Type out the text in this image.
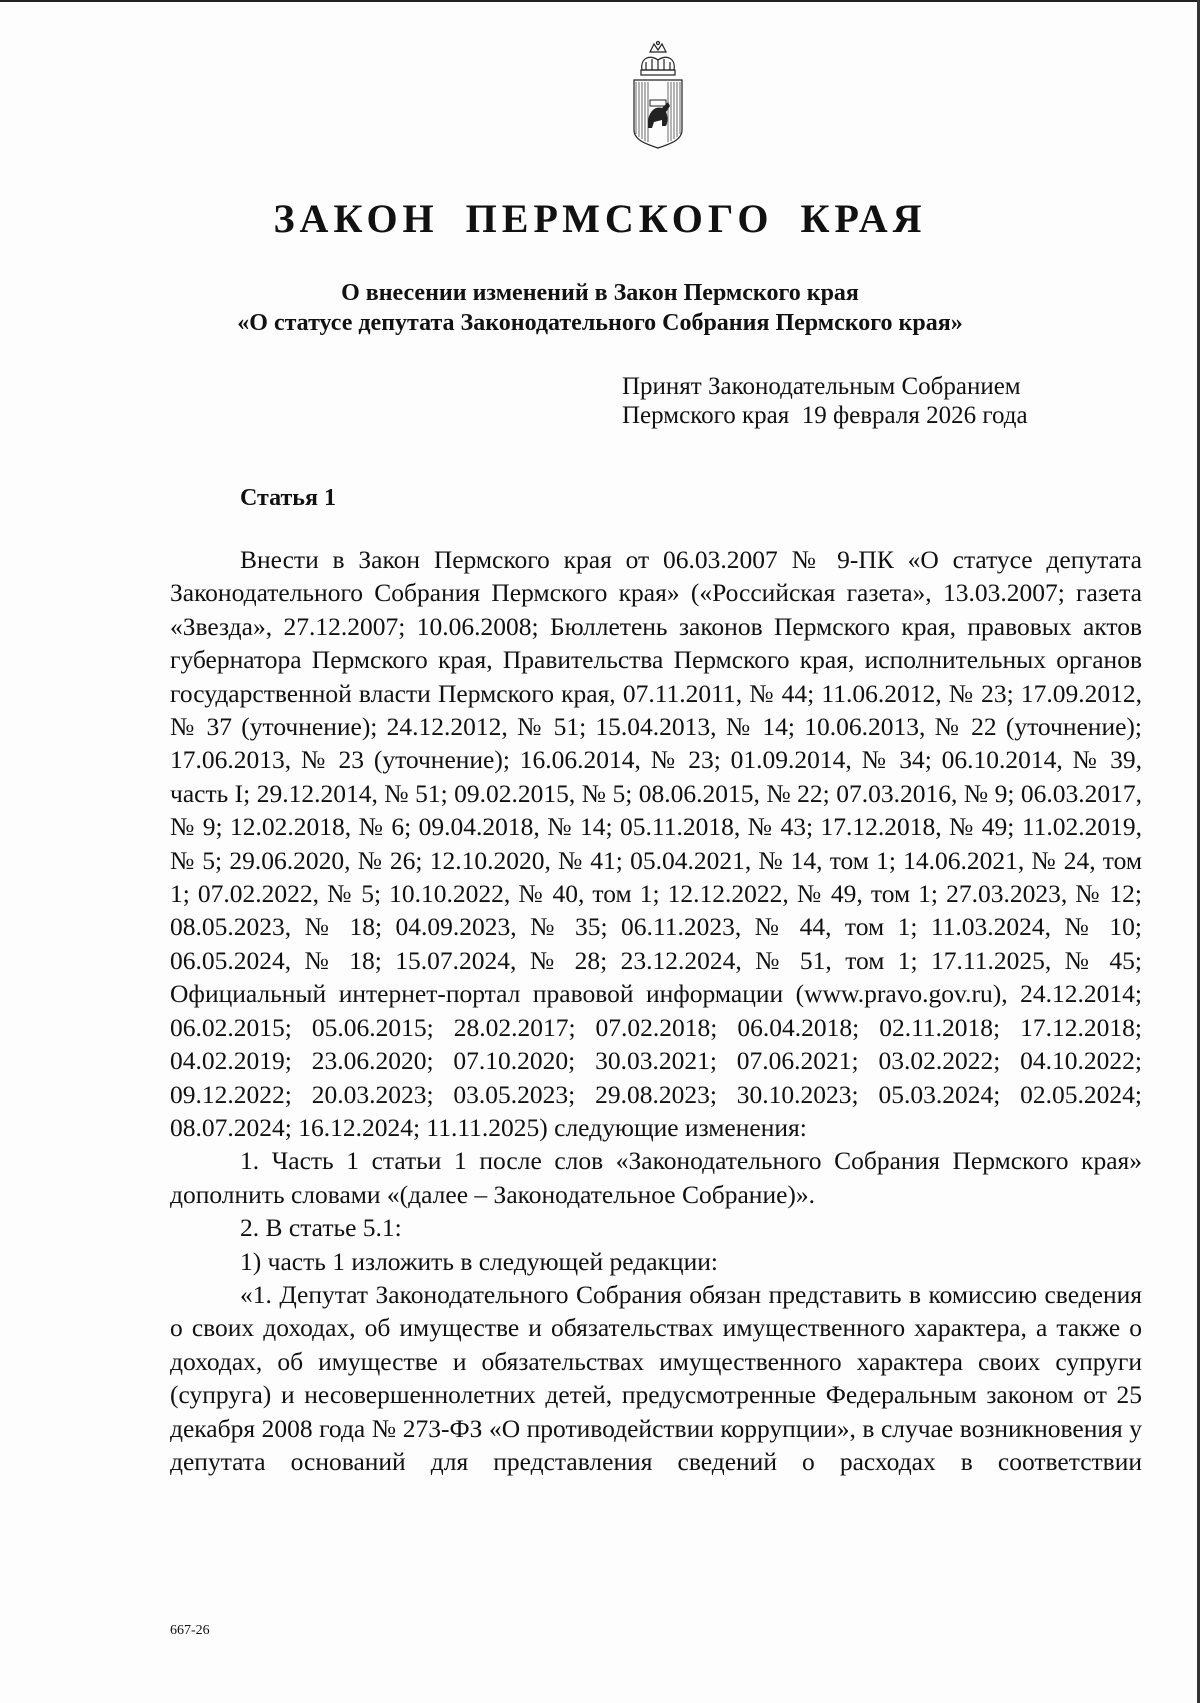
ЗАКОН ПЕРМСКОГО КРАЯ
О внесении изменений в Закон Пермского края
«О статусе депутата Законодательного Собрания Пермского края»
Принят Законодательным Собранием
Пермского края  19 февраля 2026 года
Статья 1

Внести в Закон Пермского края от 06.03.2007 № 9-ПК «О статусе депутата Законодательного Собрания Пермского края» («Российская газета», 13.03.2007; газета «Звезда», 27.12.2007; 10.06.2008; Бюллетень законов Пермского края, правовых актов губернатора Пермского края, Правительства Пермского края, исполнительных органов государственной власти Пермского края, 07.11.2011, № 44; 11.06.2012, № 23; 17.09.2012, № 37 (уточнение); 24.12.2012, № 51; 15.04.2013, № 14; 10.06.2013, № 22 (уточнение); 17.06.2013, № 23 (уточнение); 16.06.2014, № 23; 01.09.2014, № 34; 06.10.2014, № 39, часть I; 29.12.2014, № 51; 09.02.2015, № 5; 08.06.2015, № 22; 07.03.2016, № 9; 06.03.2017, № 9; 12.02.2018, № 6; 09.04.2018, № 14; 05.11.2018, № 43; 17.12.2018, № 49; 11.02.2019, № 5; 29.06.2020, № 26; 12.10.2020, № 41; 05.04.2021, № 14, том 1; 14.06.2021, № 24, том 1; 07.02.2022, № 5; 10.10.2022, № 40, том 1; 12.12.2022, № 49, том 1; 27.03.2023, № 12; 08.05.2023, № 18; 04.09.2023, № 35; 06.11.2023, № 44, том 1; 11.03.2024, № 10; 06.05.2024, № 18; 15.07.2024, № 28; 23.12.2024, № 51, том 1; 17.11.2025, № 45; Официальный интернет-портал правовой информации (www.pravo.gov.ru), 24.12.2014; 06.02.2015; 05.06.2015; 28.02.2017; 07.02.2018; 06.04.2018; 02.11.2018; 17.12.2018; 04.02.2019; 23.06.2020; 07.10.2020; 30.03.2021; 07.06.2021; 03.02.2022; 04.10.2022; 09.12.2022; 20.03.2023; 03.05.2023; 29.08.2023; 30.10.2023; 05.03.2024; 02.05.2024; 08.07.2024; 16.12.2024; 11.11.2025) следующие изменения:

1. Часть 1 статьи 1 после слов «Законодательного Собрания Пермского края» дополнить словами «(далее – Законодательное Собрание)».

2. В статье 5.1:

1) часть 1 изложить в следующей редакции:

«1. Депутат Законодательного Собрания обязан представить в комиссию сведения о своих доходах, об имуществе и обязательствах имущественного характера, а также о доходах, об имуществе и обязательствах имущественного характера своих супруги (супруга) и несовершеннолетних детей, предусмотренные Федеральным законом от 25 декабря 2008 года № 273-ФЗ «О противодействии коррупции», в случае возникновения у депутата оснований для представления сведений о расходах в соответствии

667-26
